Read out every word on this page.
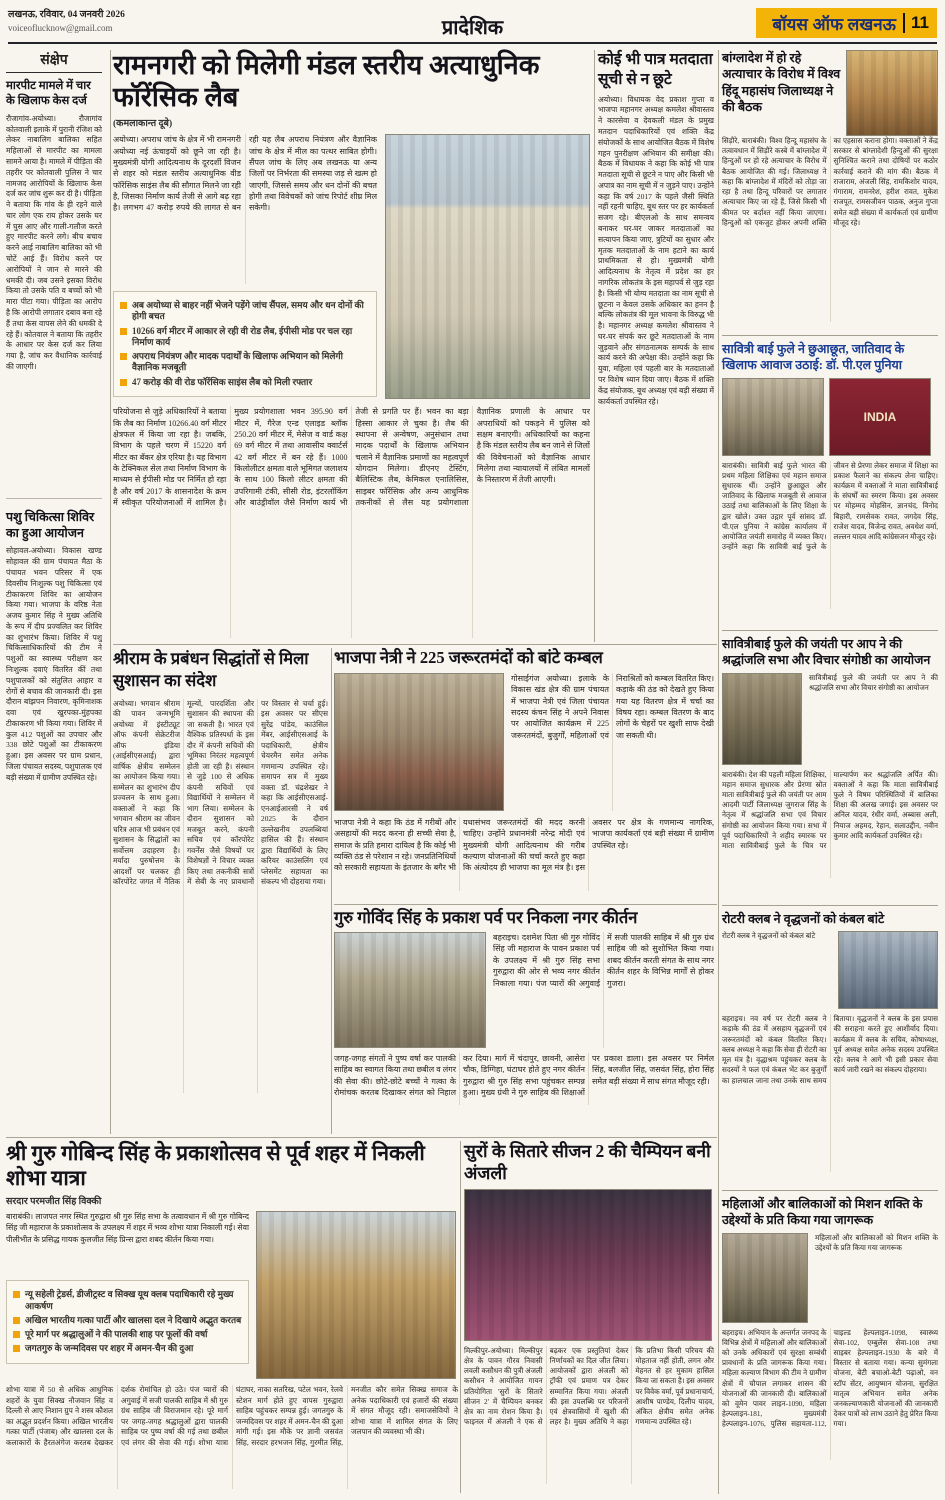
लखनऊ, रविवार, 04 जनवरी 2026
voiceoflucknow@gmail.com	प्रादेशिक	बॉयस ऑफ लखनऊ 11
संक्षेप
मारपीट मामले में चार के खिलाफ केस दर्ज
रौजागांव-अयोध्या। रौजागांव कोतवाली इलाके में पुरानी रंजिश को लेकर नाबालिग बालिका सहित महिलाओं से मारपीट का मामला सामने आया है। मामले में पीड़िता की तहरीर पर कोतवाली पुलिस ने चार नामजद आरोपियों के खिलाफ केस दर्ज कर जांच शुरू कर दी है। पीड़िता ने बताया कि गांव के ही रहने वाले चार लोग एक राय होकर उसके घर में घुस आए और गाली-गलौज करते हुए मारपीट करने लगे। बीच बचाव करने आई नाबालिग बालिका को भी चोटें आई हैं। विरोध करने पर आरोपियों ने जान से मारने की धमकी दी। जब उसने इसका विरोध किया तो उसके पति व बच्चों को भी मारा पीटा गया। पीड़िता का आरोप है कि आरोपी लगातार दबाव बना रहे हैं तथा केस वापस लेने की धमकी दे रहे हैं। कोतवाल ने बताया कि तहरीर के आधार पर केस दर्ज कर लिया गया है, जांच कर वैधानिक कार्रवाई की जाएगी।
पशु चिकित्सा शिविर का हुआ आयोजन
सोहावल-अयोध्या। विकास खण्ड सोहावल की ग्राम पंचायत मैठा के पंचायत भवन परिसर में एक दिवसीय निःशुल्क पशु चिकित्सा एवं टीकाकरण शिविर का आयोजन किया गया। भाजपा के वरिष्ठ नेता अजय कुमार सिंह ने मुख्य अतिथि के रूप में दीप प्रज्वलित कर शिविर का शुभारंभ किया। शिविर में पशु चिकित्साधिकारियों की टीम ने पशुओं का स्वास्थ्य परीक्षण कर निःशुल्क दवाएं वितरित कीं तथा पशुपालकों को संतुलित आहार व रोगों से बचाव की जानकारी दी। इस दौरान बांझपन निवारण, कृमिनाशक दवा एवं खुरपका-मुंहपका टीकाकरण भी किया गया। शिविर में कुल 412 पशुओं का उपचार और 338 छोटे पशुओं का टीकाकरण हुआ। इस अवसर पर ग्राम प्रधान, जिला पंचायत सदस्य, पशुपालक एवं बड़ी संख्या में ग्रामीण उपस्थित रहे।
रामनगरी को मिलेगी मंडल स्तरीय अत्याधुनिक फॉरेंसिक लैब
(कमलाकान्त दूबे)
अयोध्या। अपराध जांच के क्षेत्र में भी रामनगरी अयोध्या नई ऊंचाइयों को छूने जा रही है। मुख्यमंत्री योगी आदित्यनाथ के दूरदर्शी विजन से शहर को मंडल स्तरीय अत्याधुनिक वीड फॉरेंसिक साइंस लैब की सौगात मिलने जा रही है, जिसका निर्माण कार्य तेजी से आगे बढ़ रहा है। लगभग 47 करोड़ रुपये की लागत से बन रही यह लैब अपराध नियंत्रण और वैज्ञानिक जांच के क्षेत्र में मील का पत्थर साबित होगी। सैंपल जांच के लिए अब लखनऊ या अन्य जिलों पर निर्भरता की समस्या जड़ से खत्म हो जाएगी, जिससे समय और धन दोनों की बचत होगी तथा विवेचकों को जांच रिपोर्ट शीघ्र मिल सकेगी।
अब अयोध्या से बाहर नहीं भेजने पड़ेंगे जांच सैंपल, समय और धन दोनों की होगी बचत
10266 वर्ग मीटर में आकार ले रही वी रोड लैब, ईपीसी मोड पर चल रहा निर्माण कार्य
अपराध नियंत्रण और मादक पदार्थों के खिलाफ अभियान को मिलेगी वैज्ञानिक मजबूती
47 करोड़ की वी रोड फॉरेंसिक साइंस लैब को मिली रफ्तार
परियोजना से जुड़े अधिकारियों ने बताया कि लैब का निर्माण 10266.40 वर्ग मीटर क्षेत्रफल में किया जा रहा है। जबकि, विभाग के पहले चरण में 15220 वर्ग मीटर का बँकर क्षेत्र एरिया है। यह विभाग के टेक्निकल सेल तथा निर्माण विभाग के माध्यम से ईपीसी मोड पर निर्मित हो रहा है और वर्ष 2017 के शासनादेश के क्रम में स्वीकृत परियोजनाओं में शामिल है। मुख्य प्रयोगशाला भवन 395.90 वर्ग मीटर में, गैरेज एन्ड एलाइड ब्लॉक 250.20 वर्ग मीटर में, मेसेज व वार्ड कक्ष 69 वर्ग मीटर में तथा आवासीय क्वार्टर्स 42 वर्ग मीटर में बन रहे हैं। 1000 किलोलीटर क्षमता वाले भूमिगत जलाशय के साथ 100 किलो लीटर क्षमता की उपरिगामी टंकी, सीसी रोड, इंटरलॉकिंग और बाउंड्रीवॉल जैसे निर्माण कार्य भी तेजी से प्रगति पर हैं। भवन का बड़ा हिस्सा आकार ले चुका है। लैब की स्थापना से अन्वेषण, अनुसंधान तथा मादक पदार्थों के खिलाफ अभियान चलाने में वैज्ञानिक प्रमाणों का महत्वपूर्ण योगदान मिलेगा। डीएनए टेस्टिंग, बैलिस्टिक लैब, केमिकल एनालिसिस, साइबर फॉरेंसिक और अन्य आधुनिक तकनीकों से लैस यह प्रयोगशाला वैज्ञानिक प्रणाली के आधार पर अपराधियों को पकड़ने में पुलिस को सक्षम बनाएगी। अधिकारियों का कहना है कि मंडल स्तरीय लैब बन जाने से जिलों की विवेचनाओं को वैज्ञानिक आधार मिलेगा तथा न्यायालयों में लंबित मामलों के निस्तारण में तेजी आएगी।
कोई भी पात्र मतदाता सूची से न छूटे
अयोध्या। विधायक वेद प्रकाश गुप्ता व भाजपा महानगर अध्यक्ष कमलेश श्रीवास्तव ने कारसेवा व देवकली मंडल के प्रमुख मतदान पदाधिकारियों एवं शक्ति केंद्र संयोजकों के साथ आयोजित बैठक में विशेष गहन पुनरीक्षण अभियान की समीक्षा की। बैठक में विधायक ने कहा कि कोई भी पात्र मतदाता सूची से छूटने न पाए और किसी भी अपात्र का नाम सूची में न जुड़ने पाए। उन्होंने कहा कि वर्ष 2017 के पहले जैसी स्थिति नहीं रहनी चाहिए, बूथ स्तर पर हर कार्यकर्ता सजग रहे। बीएलओ के साथ समन्वय बनाकर घर-घर जाकर मतदाताओं का सत्यापन किया जाए, त्रुटियों का सुधार और मृतक मतदाताओं के नाम हटाने का कार्य प्राथमिकता से हो। मुख्यमंत्री योगी आदित्यनाथ के नेतृत्व में प्रदेश का हर नागरिक लोकतंत्र के इस महापर्व से जुड़ रहा है। किसी भी योग्य मतदाता का नाम सूची से छूटना न केवल उसके अधिकार का हनन है बल्कि लोकतंत्र की मूल भावना के विरुद्ध भी है। महानगर अध्यक्ष कमलेश श्रीवास्तव ने घर-घर संपर्क कर छूटे मतदाताओं के नाम जुड़वाने और संगठनात्मक सम्पर्क के साथ कार्य करने की अपेक्षा की। उन्होंने कहा कि युवा, महिला एवं पहली बार के मतदाताओं पर विशेष ध्यान दिया जाए। बैठक में शक्ति केंद्र संयोजक, बूथ अध्यक्ष एवं बड़ी संख्या में कार्यकर्ता उपस्थित रहे।
श्रीराम के प्रबंधन सिद्धांतों से मिला सुशासन का संदेश
अयोध्या। भगवान श्रीराम की पावन जन्मभूमि अयोध्या में इंस्टीट्यूट ऑफ कंपनी सेक्रेटरीज ऑफ इंडिया (आईसीएसआई) द्वारा वार्षिक क्षेत्रीय सम्मेलन का आयोजन किया गया। सम्मेलन का शुभारंभ दीप प्रज्वलन के साथ हुआ। वक्ताओं ने कहा कि भगवान श्रीराम का जीवन चरित्र आज भी प्रबंधन एवं सुशासन के सिद्धांतों का सर्वोत्तम उदाहरण है। मर्यादा पुरुषोत्तम के आदर्शों पर चलकर ही कॉरपोरेट जगत में नैतिक मूल्यों, पारदर्शिता और सुशासन की स्थापना की जा सकती है। भारत एवं वैश्विक प्रतिस्पर्धा के इस दौर में कंपनी सचिवों की भूमिका निरंतर महत्वपूर्ण होती जा रही है। संस्थान से जुड़े 100 से अधिक कंपनी सचिवों एवं विद्यार्थियों ने सम्मेलन में भाग लिया। सम्मेलन के दौरान सुशासन को मजबूत करने, कंपनी सचिव एवं कॉरपोरेट गवर्नेंस जैसे विषयों पर विशेषज्ञों ने विचार व्यक्त किए तथा तकनीकी सत्रों में सेबी के नए प्रावधानों पर विस्तार से चर्चा हुई। इस अवसर पर सीएस सुरेंद्र पांडेय, काउंसिल मेंबर, आईसीएसआई के पदाधिकारी, क्षेत्रीय चेयरमैन समेत अनेक गणमान्य उपस्थित रहे। समापन सत्र में मुख्य वक्ता डॉ. चंद्रशेखर ने कहा कि आईसीएसआई-एनआईआरसी ने वर्ष 2025 के दौरान उल्लेखनीय उपलब्धियां हासिल की हैं। संस्थान द्वारा विद्यार्थियों के लिए करियर काउंसलिंग एवं प्लेसमेंट सहायता का संकल्प भी दोहराया गया।
भाजपा नेत्री ने 225 जरूरतमंदों को बांटे कम्बल
गोसाईगंज अयोध्या। इलाके के विकास खंड क्षेत्र की ग्राम पंचायत में भाजपा नेत्री एवं जिला पंचायत सदस्य कंचन सिंह ने अपने निवास पर आयोजित कार्यक्रम में 225 जरूरतमंदों, बुजुर्गों, महिलाओं एवं निराश्रितों को कम्बल वितरित किए। कड़ाके की ठंड को देखते हुए किया गया यह वितरण क्षेत्र में चर्चा का विषय रहा। कम्बल वितरण के बाद लोगों के चेहरों पर खुशी साफ देखी जा सकती थी।
भाजपा नेत्री ने कहा कि ठंड में गरीबों और असहायों की मदद करना ही सच्ची सेवा है, समाज के प्रति हमारा दायित्व है कि कोई भी व्यक्ति ठंड से परेशान न रहे। जनप्रतिनिधियों को सरकारी सहायता के इंतजार के बगैर भी यथासंभव जरूरतमंदों की मदद करनी चाहिए। उन्होंने प्रधानमंत्री नरेन्द्र मोदी एवं मुख्यमंत्री योगी आदित्यनाथ की गरीब कल्याण योजनाओं की चर्चा करते हुए कहा कि अंत्योदय ही भाजपा का मूल मंत्र है। इस अवसर पर क्षेत्र के गणमान्य नागरिक, भाजपा कार्यकर्ता एवं बड़ी संख्या में ग्रामीण उपस्थित रहे।
गुरु गोविंद सिंह के प्रकाश पर्व पर निकला नगर कीर्तन
बहराइच। दशमेश पिता श्री गुरु गोविंद सिंह जी महाराज के पावन प्रकाश पर्व के उपलक्ष्य में श्री गुरु सिंह सभा गुरुद्वारा की ओर से भव्य नगर कीर्तन निकाला गया। पंज प्यारों की अगुवाई में सजी पालकी साहिब में श्री गुरु ग्रंथ साहिब जी को सुशोभित किया गया। शबद कीर्तन करती संगत के साथ नगर कीर्तन शहर के विभिन्न मार्गों से होकर गुजरा।
जगह-जगह संगतों ने पुष्प वर्षा कर पालकी साहिब का स्वागत किया तथा छबील व लंगर की सेवा की। छोटे-छोटे बच्चों ने गत्का के रोमांचक करतब दिखाकर संगत को निहाल कर दिया। मार्ग में चंदापुर, छावनी, आसेरा चौक, डिग्गिहा, घंटाघर होते हुए नगर कीर्तन गुरुद्वारा श्री गुरु सिंह सभा पहुंचकर सम्पन्न हुआ। मुख्य ग्रंथी ने गुरु साहिब की शिक्षाओं पर प्रकाश डाला। इस अवसर पर निर्मल सिंह, बलजीत सिंह, जसवंत सिंह, होरा सिंह समेत बड़ी संख्या में साध संगत मौजूद रही।
बांग्लादेश में हो रहे अत्याचार के विरोध में विश्व हिंदू महासंघ जिलाध्यक्ष ने की बैठक
सिड़ौरे, बाराबंकी। विश्व हिन्दू महासंघ के तत्वावधान में सिड़ौरे कस्बे में बांग्लादेश में हिन्दुओं पर हो रहे अत्याचार के विरोध में बैठक आयोजित की गई। जिलाध्यक्ष ने कहा कि बांग्लादेश में मंदिरों को तोड़ा जा रहा है तथा हिन्दू परिवारों पर लगातार अत्याचार किए जा रहे हैं, जिसे किसी भी कीमत पर बर्दाश्त नहीं किया जाएगा। हिन्दुओं को एकजुट होकर अपनी शक्ति का एहसास कराना होगा। वक्ताओं ने केंद्र सरकार से बांग्लादेशी हिन्दुओं की सुरक्षा सुनिश्चित कराने तथा दोषियों पर कठोर कार्रवाई कराने की मांग की। बैठक में राजाराम, अंजली सिंह, रामकिशोर यादव, गंगाराम, रामनरेश, हरीश रावत, मुकेश राजपूत, रामसजीवन पाठक, अनुज गुप्ता समेत बड़ी संख्या में कार्यकर्ता एवं ग्रामीण मौजूद रहे।
सावित्री बाई फुले ने छुआछूत, जातिवाद के खिलाफ आवाज उठाई: डॉ. पी.एल पुनिया
INDIA
बाराबंकी। सावित्री बाई फुले भारत की प्रथम महिला शिक्षिका एवं महान समाज सुधारक थीं। उन्होंने छुआछूत और जातिवाद के खिलाफ मजबूती से आवाज उठाई तथा बालिकाओं के लिए शिक्षा के द्वार खोले। उक्त उद्गार पूर्व सांसद डॉ. पी.एल पुनिया ने कांग्रेस कार्यालय में आयोजित जयंती समारोह में व्यक्त किए। उन्होंने कहा कि सावित्री बाई फुले के जीवन से प्रेरणा लेकर समाज में शिक्षा का प्रकाश फैलाने का संकल्प लेना चाहिए। कार्यक्रम में वक्ताओं ने माता सावित्रीबाई के संघर्षों का स्मरण किया। इस अवसर पर मोहम्मद मोहसिन, ज्ञानचंद, विनोद बिहारी, रामसेवक रावत, जगदेव सिंह, राजेश यादव, विजेन्द्र रावत, अवधेश वर्मा, लल्लन यादव आदि कांग्रेसजन मौजूद रहे।
सावित्रीबाई फुले की जयंती पर आप ने की श्रद्धांजलि सभा और विचार संगोष्ठी का आयोजन
सावित्रीबाई फुले की जयंती पर आप ने की श्रद्धांजलि सभा और विचार संगोष्ठी का आयोजन
बाराबंकी। देश की पहली महिला शिक्षिका, महान समाज सुधारक और प्रेरणा स्रोत माता सावित्रीबाई फुले की जयंती पर आम आदमी पार्टी जिलाध्यक्ष जुगराज सिंह के नेतृत्व में श्रद्धांजलि सभा एवं विचार संगोष्ठी का आयोजन किया गया। सभा में पूर्व पदाधिकारियों ने शहीद स्मारक पर माता सावित्रीबाई फुले के चित्र पर माल्यार्पण कर श्रद्धांजलि अर्पित की। वक्ताओं ने कहा कि माता सावित्रीबाई फुले ने विषम परिस्थितियों में बालिका शिक्षा की अलख जगाई। इस अवसर पर अनिल यादव, रंधीर वर्मा, अब्बास अली, नियाज अहमद, रेहान, सलाउद्दीन, नवीन कुमार आदि कार्यकर्ता उपस्थित रहे।
रोटरी क्लब ने वृद्धजनों को कंबल बांटे
रोटरी क्लब ने वृद्धजनों को कंबल बांटे
बहराइच। नव वर्ष पर रोटरी क्लब ने कड़ाके की ठंड में असहाय वृद्धजनों एवं जरूरतमंदों को कंबल वितरित किए। क्लब अध्यक्ष ने कहा कि सेवा ही रोटरी का मूल मंत्र है। वृद्धाश्रम पहुंचकर क्लब के सदस्यों ने फल एवं कंबल भेंट कर बुजुर्गों का हालचाल जाना तथा उनके साथ समय बिताया। वृद्धजनों ने क्लब के इस प्रयास की सराहना करते हुए आशीर्वाद दिया। कार्यक्रम में क्लब के सचिव, कोषाध्यक्ष, पूर्व अध्यक्ष समेत अनेक सदस्य उपस्थित रहे। क्लब ने आगे भी इसी प्रकार सेवा कार्य जारी रखने का संकल्प दोहराया।
महिलाओं और बालिकाओं को मिशन शक्ति के उद्देश्यों के प्रति किया गया जागरूक
महिलाओं और बालिकाओं को मिशन शक्ति के उद्देश्यों के प्रति किया गया जागरूक
बहराइच। अभियान के अन्तर्गत जनपद के विभिन्न क्षेत्रों में महिलाओं और बालिकाओं को उनके अधिकारों एवं सुरक्षा सम्बंधी प्रावधानों के प्रति जागरूक किया गया। महिला कल्याण विभाग की टीम ने ग्रामीण क्षेत्रों में चौपाल लगाकर शासन की योजनाओं की जानकारी दी। बालिकाओं को वूमेन पावर लाइन-1090, महिला हेल्पलाइन-181, मुख्यमंत्री हेल्पलाइन-1076, पुलिस सहायता-112, चाइल्ड हेल्पलाइन-1098, स्वास्थ्य सेवा-102, एम्बुलेंस सेवा-108 तथा साइबर हेल्पलाइन-1930 के बारे में विस्तार से बताया गया। कन्या सुमंगला योजना, बेटी बचाओ-बेटी पढ़ाओ, वन स्टॉप सेंटर, आयुष्मान योजना, सुरक्षित मातृत्व अभियान समेत अनेक जनकल्याणकारी योजनाओं की जानकारी देकर पात्रों को लाभ उठाने हेतु प्रेरित किया गया।
श्री गुरु गोबिन्द सिंह के प्रकाशोत्सव से पूर्व शहर में निकली शोभा यात्रा
सरदार परमजीत सिंह विक्की
बाराबंकी। लाजपत नगर स्थित गुरुद्वारा श्री गुरु सिंह सभा के तत्वावधान में श्री गुरु गोबिन्द सिंह जी महाराज के प्रकाशोत्सव के उपलक्ष्य में शहर में भव्य शोभा यात्रा निकाली गई। सेवा पीलीभीत के प्रसिद्ध गायक कुलजीत सिंह प्रिन्स द्वारा शबद कीर्तन किया गया।
न्यू सहेली ट्रेडर्स, डीजीट्रस्ट व सिक्ख यूथ क्लब पदाधिकारी रहे मुख्य आकर्षण
अखिल भारतीय गत्का पार्टी और खालसा दल ने दिखाये अद्भुत करतब
पूरे मार्ग पर श्रद्धालुओं ने की पालकी शाह पर फूलों की वर्षा
जगतगुरु के जन्मदिवस पर शहर में अमन-चैन की दुआ
शोभा यात्रा में 50 से अधिक आधुनिक शहरों के युवा सिक्ख नौजवान सिंह व दिल्ली से आए निशान ग्रुप ने शस्त्र कौशल का अद्भुत प्रदर्शन किया। अखिल भारतीय गत्का पार्टी (पंजाब) और खालसा दल के कलाकारों के हैरतअंगेज करतब देखकर दर्शक रोमांचित हो उठे। पंज प्यारों की अगुवाई में सजी पालकी साहिब में श्री गुरु ग्रंथ साहिब जी विराजमान रहे। पूरे मार्ग पर जगह-जगह श्रद्धालुओं द्वारा पालकी साहिब पर पुष्प वर्षा की गई तथा छबील एवं लंगर की सेवा की गई। शोभा यात्रा घंटाघर, नाका सतरिख, पटेल भवन, रेलवे स्टेशन मार्ग होते हुए वापस गुरुद्वारा साहिब पहुंचकर सम्पन्न हुई। जगतगुरु के जन्मदिवस पर शहर में अमन-चैन की दुआ मांगी गई। इस मौके पर ज्ञानी जसवंत सिंह, सरदार हरभजन सिंह, गुरमीत सिंह, मनजीत कौर समेत सिक्ख समाज के अनेक पदाधिकारी एवं हजारों की संख्या में संगत मौजूद रही। समाजसेवियों ने शोभा यात्रा में शामिल संगत के लिए जलपान की व्यवस्था भी की।
सुरों के सितारे सीजन 2 की चैम्पियन बनी अंजली
मिल्कीपुर-अयोध्या। मिल्कीपुर क्षेत्र के पावन गौरव निवासी लवली कसौधन की पुत्री अंजली कसौधन ने आयोजित गायन प्रतियोगिता 'सुरों के सितारे सीजन 2' में चैम्पियन बनकर क्षेत्र का नाम रोशन किया है। फाइनल में अंजली ने एक से बढ़कर एक प्रस्तुतियां देकर निर्णायकों का दिल जीत लिया। आयोजकों द्वारा अंजली को ट्रॉफी एवं प्रमाण पत्र देकर सम्मानित किया गया। अंजली की इस उपलब्धि पर परिजनों एवं क्षेत्रवासियों में खुशी की लहर है। मुख्य अतिथि ने कहा कि प्रतिभा किसी परिचय की मोहताज नहीं होती, लगन और मेहनत से हर मुकाम हासिल किया जा सकता है। इस अवसर पर विवेक वर्मा, पूर्व प्रधानाचार्य, आशीष पाण्डेय, दिलीप यादव, अंकित क्षेत्रीय समेत अनेक गणमान्य उपस्थित रहे।
